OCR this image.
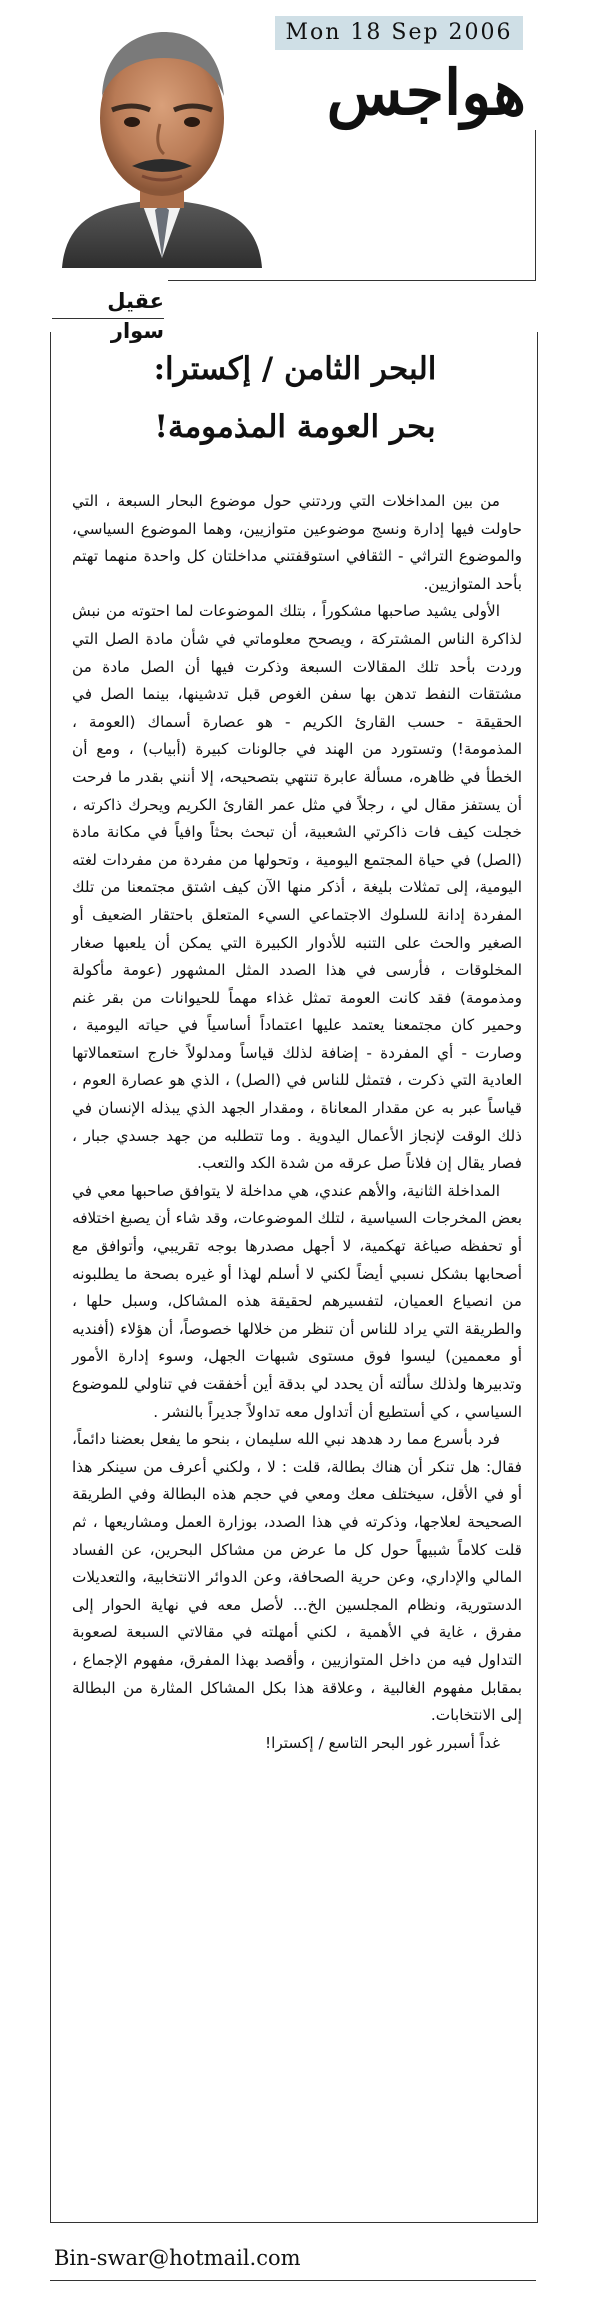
Mon 18 Sep 2006
هواجس
عقيل سوار
البحر الثامن / إكسترا:
بحر العومة المذمومة!

من بين المداخلات التي وردتني حول موضوع البحار السبعة ، التي حاولت فيها إدارة ونسج موضوعين متوازيين، وهما الموضوع السياسي، والموضوع التراثي - الثقافي استوقفتني مداخلتان كل واحدة منهما تهتم بأحد المتوازيين.

الأولى يشيد صاحبها مشكوراً ، بتلك الموضوعات لما احتوته من نبش لذاكرة الناس المشتركة ، ويصحح معلوماتي في شأن مادة الصل التي وردت بأحد تلك المقالات السبعة وذكرت فيها أن الصل مادة من مشتقات النفط تدهن بها سفن الغوص قبل تدشينها، بينما الصل في الحقيقة - حسب القارئ الكريم - هو عصارة أسماك (العومة ، المذمومة!) وتستورد من الهند في جالونات كبيرة (أبياب) ، ومع أن الخطأ في ظاهره، مسألة عابرة تنتهي بتصحيحه، إلا أنني بقدر ما فرحت أن يستفز مقال لي ، رجلاً في مثل عمر القارئ الكريم ويحرك ذاكرته ، خجلت كيف فات ذاكرتي الشعبية، أن تبحث بحثاً وافياً في مكانة مادة (الصل) في حياة المجتمع اليومية ، وتحولها من مفردة من مفردات لغته اليومية، إلى تمثلات بليغة ، أذكر منها الآن كيف اشتق مجتمعنا من تلك المفردة إدانة للسلوك الاجتماعي السيء المتعلق باحتقار الضعيف أو الصغير والحث على التنبه للأدوار الكبيرة التي يمكن أن يلعبها صغار المخلوقات ، فأرسى في هذا الصدد المثل المشهور (عومة مأكولة ومذمومة) فقد كانت العومة تمثل غذاء مهماً للحيوانات من بقر غنم وحمير كان مجتمعنا يعتمد عليها اعتماداً أساسياً في حياته اليومية ، وصارت - أي المفردة - إضافة لذلك قياساً ومدلولاً خارج استعمالاتها العادية التي ذكرت ، فتمثل للناس في (الصل) ، الذي هو عصارة العوم ، قياساً عبر به عن مقدار المعاناة ، ومقدار الجهد الذي يبذله الإنسان في ذلك الوقت لإنجاز الأعمال اليدوية . وما تتطلبه من جهد جسدي جبار ، فصار يقال إن فلاناً صل عرقه من شدة الكد والتعب.

المداخلة الثانية، والأهم عندي، هي مداخلة لا يتوافق صاحبها معي في بعض المخرجات السياسية ، لتلك الموضوعات، وقد شاء أن يصبغ اختلافه أو تحفظه صياغة تهكمية، لا أجهل مصدرها بوجه تقريبي، وأتوافق مع أصحابها بشكل نسبي أيضاً لكني لا أسلم لهذا أو غيره بصحة ما يطلبونه من انصياع العميان، لتفسيرهم لحقيقة هذه المشاكل، وسبل حلها ، والطريقة التي يراد للناس أن تنظر من خلالها خصوصاً، أن هؤلاء (أفنديه أو معممين) ليسوا فوق مستوى شبهات الجهل، وسوء إدارة الأمور وتدبيرها ولذلك سألته أن يحدد لي بدقة أين أخفقت في تناولي للموضوع السياسي ، كي أستطيع أن أتداول معه تداولاً جديراً بالنشر .

فرد بأسرع مما رد هدهد نبي الله سليمان ، بنحو ما يفعل بعضنا دائماً، فقال: هل تنكر أن هناك بطالة، قلت : لا ، ولكني أعرف من سينكر هذا أو في الأقل، سيختلف معك ومعي في حجم هذه البطالة وفي الطريقة الصحيحة لعلاجها، وذكرته في هذا الصدد، بوزارة العمل ومشاريعها ، ثم قلت كلاماً شبيهاً حول كل ما عرض من مشاكل البحرين، عن الفساد المالي والإداري، وعن حرية الصحافة، وعن الدوائر الانتخابية، والتعديلات الدستورية، ونظام المجلسين الخ... لأصل معه في نهاية الحوار إلى مفرق ، غاية في الأهمية ، لكني أمهلته في مقالاتي السبعة لصعوبة التداول فيه من داخل المتوازيين ، وأقصد بهذا المفرق، مفهوم الإجماع ، بمقابل مفهوم الغالبية ، وعلاقة هذا بكل المشاكل المثارة من البطالة إلى الانتخابات.

غداً أسبرر غور البحر التاسع / إكسترا!

Bin-swar@hotmail.com
